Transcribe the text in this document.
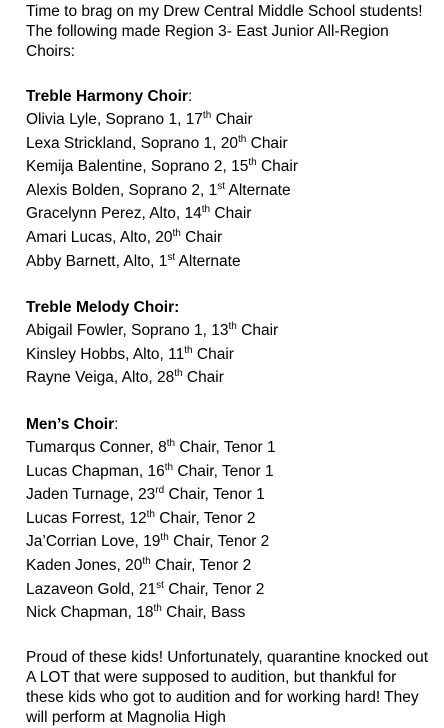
Time to brag on my Drew Central Middle School students! The following made Region 3- East Junior All-Region Choirs:

Treble Harmony Choir:

Olivia Lyle, Soprano 1, 17th Chair

Lexa Strickland, Soprano 1, 20th Chair

Kemija Balentine, Soprano 2, 15th Chair

Alexis Bolden, Soprano 2, 1st Alternate

Gracelynn Perez, Alto, 14th Chair

Amari Lucas, Alto, 20th Chair

Abby Barnett, Alto, 1st Alternate

Treble Melody Choir:

Abigail Fowler, Soprano 1, 13th Chair

Kinsley Hobbs, Alto, 11th Chair

Rayne Veiga, Alto, 28th Chair

Men’s Choir:

Tumarqus Conner, 8th Chair, Tenor 1

Lucas Chapman, 16th Chair, Tenor 1

Jaden Turnage, 23rd Chair, Tenor 1

Lucas Forrest, 12th Chair, Tenor 2

Ja’Corrian Love, 19th Chair, Tenor 2

Kaden Jones, 20th Chair, Tenor 2

Lazaveon Gold, 21st Chair, Tenor 2

Nick Chapman, 18th Chair, Bass

Proud of these kids! Unfortunately, quarantine knocked out A LOT that were supposed to audition, but thankful for these kids who got to audition and for working hard! They will perform at Magnolia High
